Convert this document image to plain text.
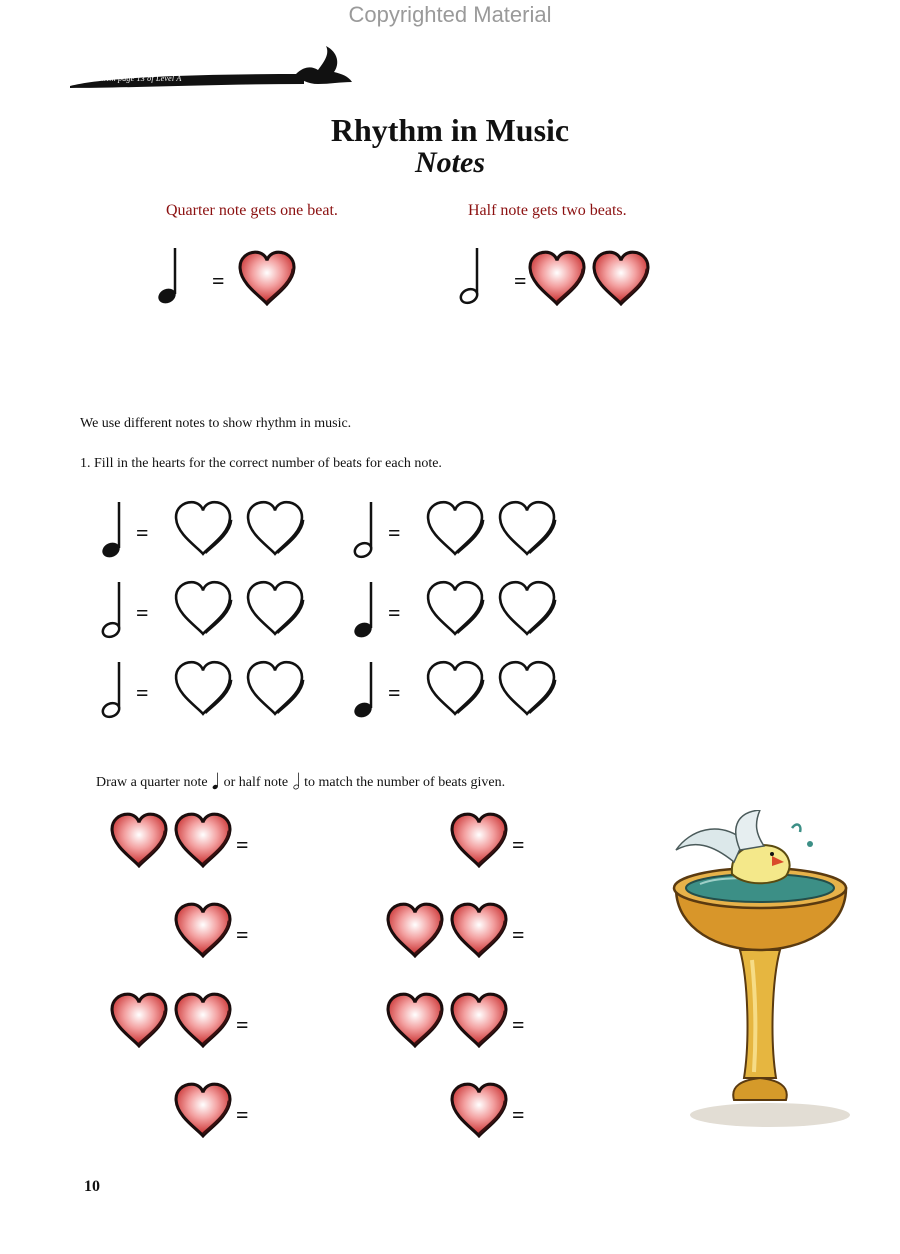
Copyrighted Material
Use with page 13 of Level A
Rhythm in Music
Notes
Quarter note gets one beat.
=
Half note gets two beats.
=
We use different notes to show rhythm in music.
1. Fill in the hearts for the correct number of beats for each note.
=	=
=	=
=	=
Draw a quarter note or half note to match the number of beats given.
=	=
=	=
=	=
=	=
10
